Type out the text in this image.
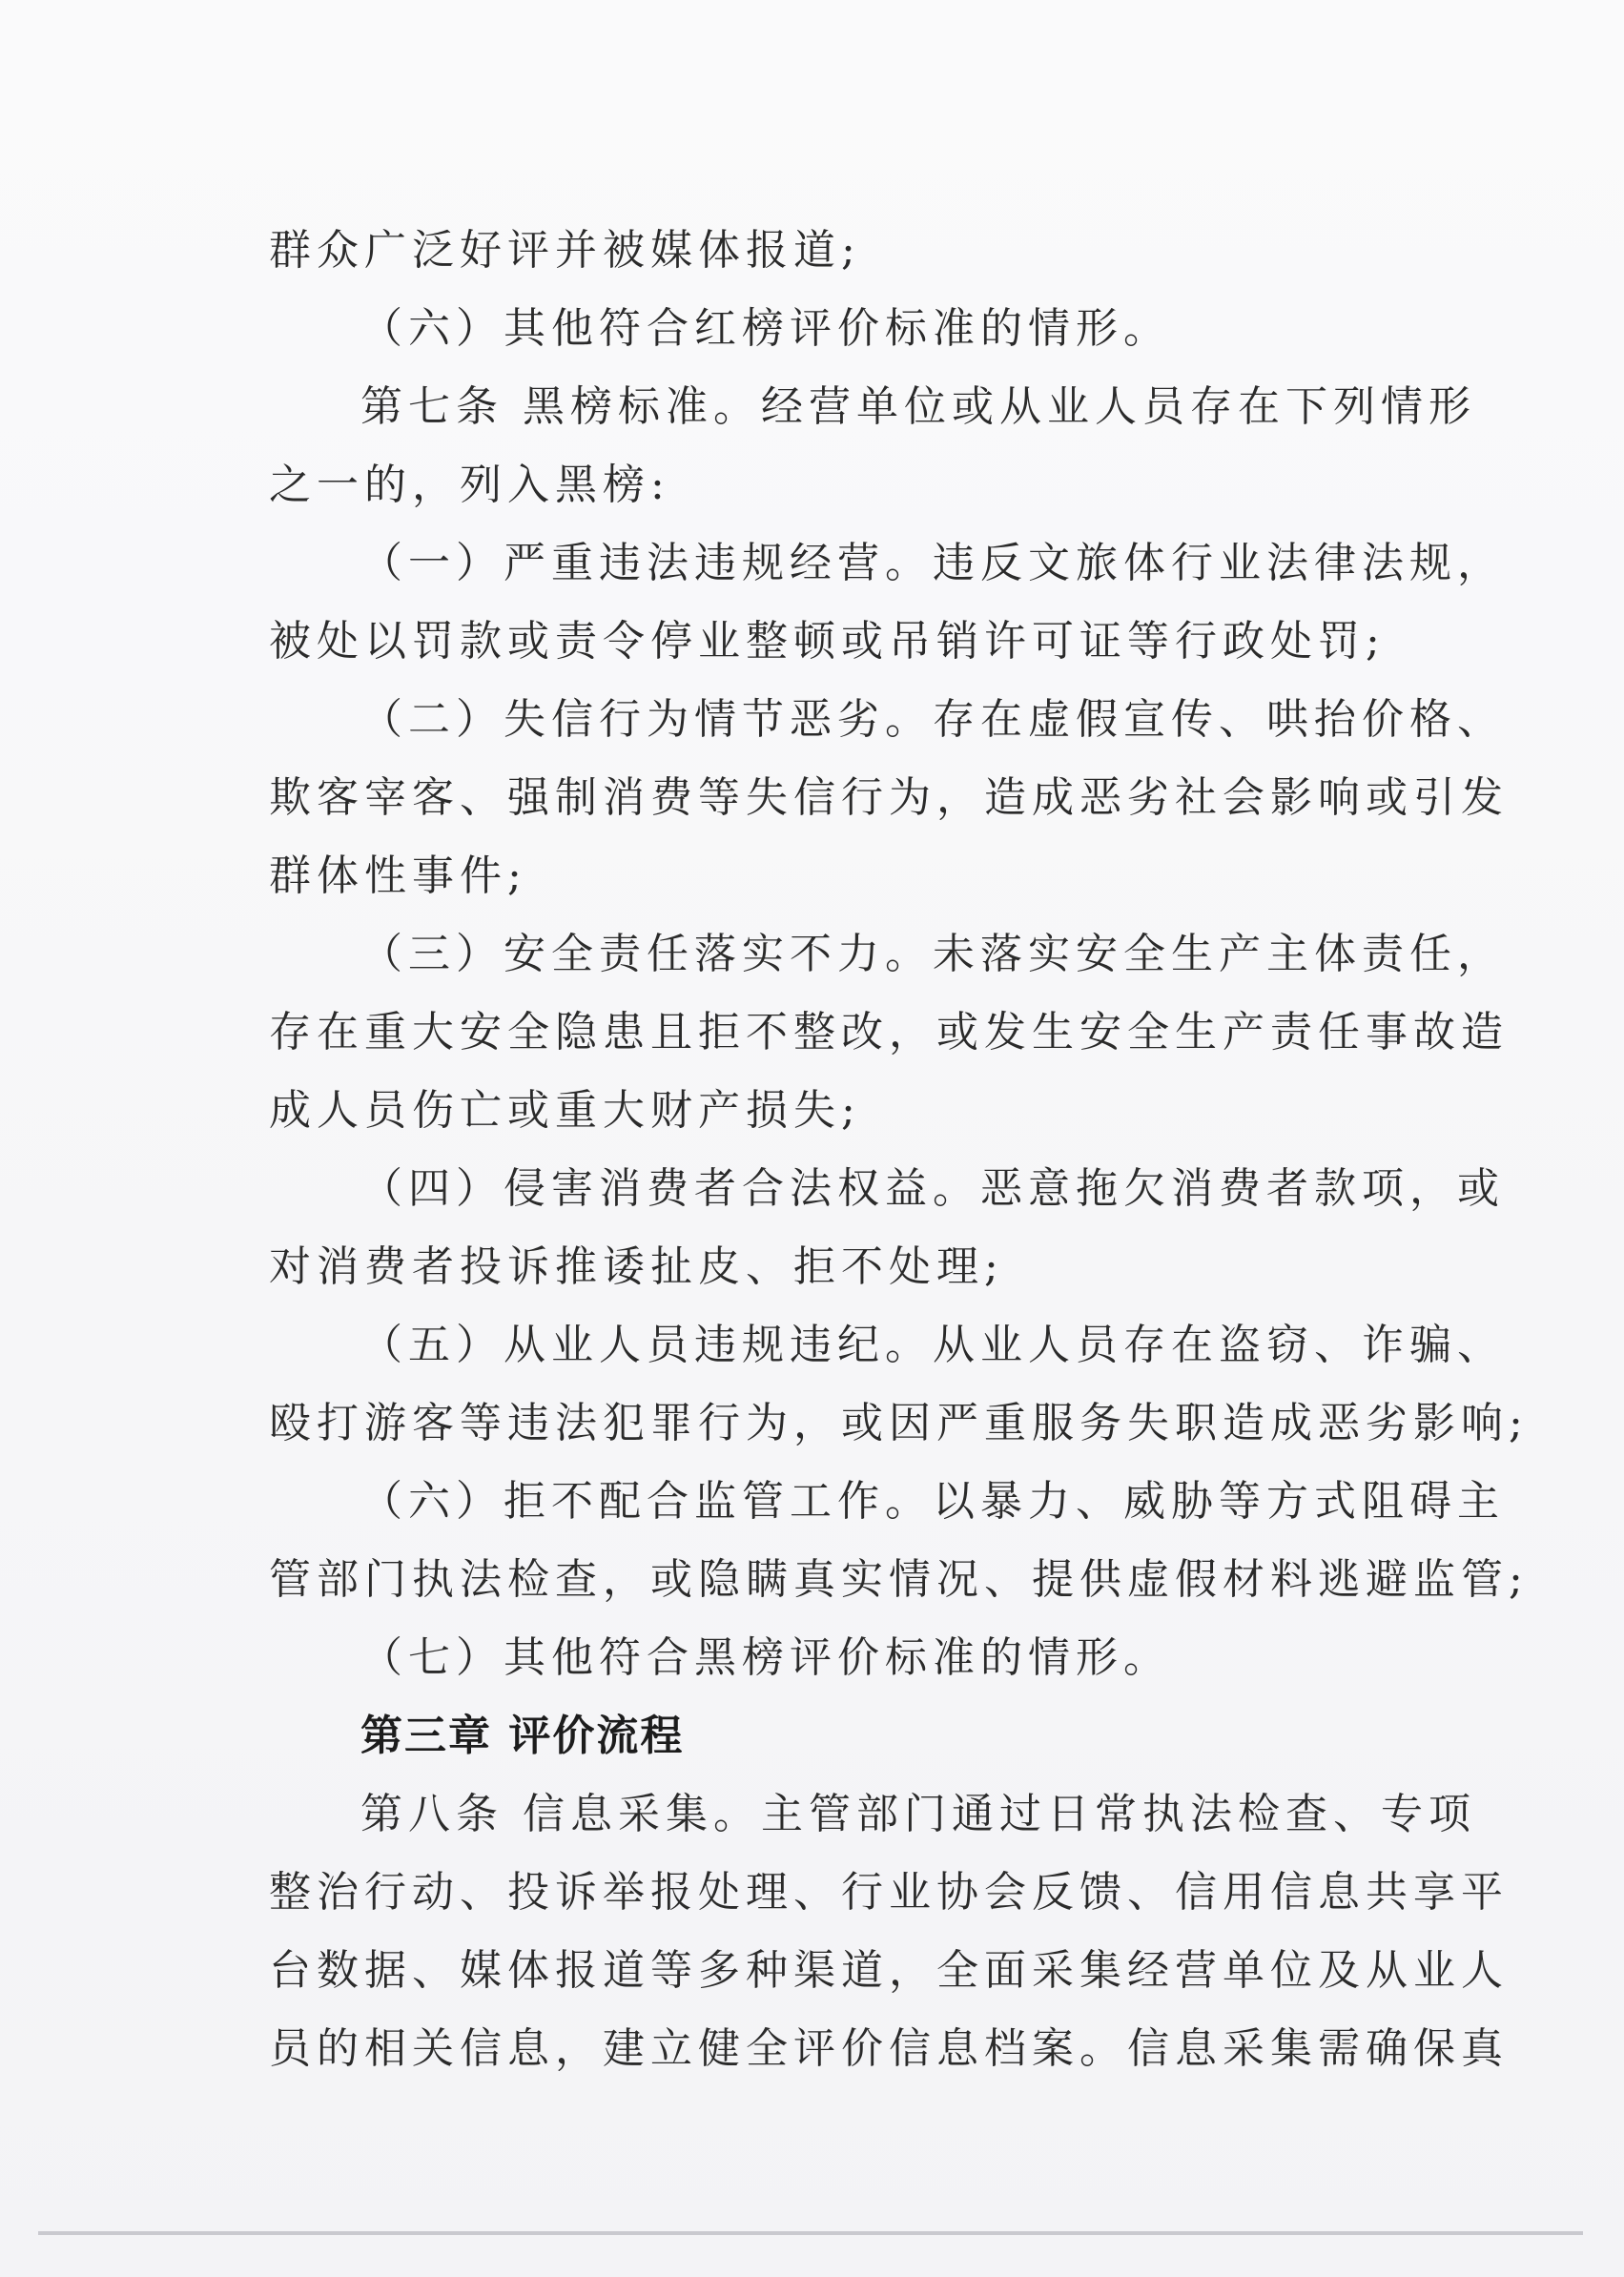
群众广泛好评并被媒体报道;
（六）其他符合红榜评价标准的情形。
第七条 黑榜标准。经营单位或从业人员存在下列情形
之一的，列入黑榜:
（一）严重违法违规经营。违反文旅体行业法律法规，
被处以罚款或责令停业整顿或吊销许可证等行政处罚;
（二）失信行为情节恶劣。存在虚假宣传、哄抬价格、
欺客宰客、强制消费等失信行为，造成恶劣社会影响或引发
群体性事件;
（三）安全责任落实不力。未落实安全生产主体责任，
存在重大安全隐患且拒不整改，或发生安全生产责任事故造
成人员伤亡或重大财产损失;
（四）侵害消费者合法权益。恶意拖欠消费者款项，或
对消费者投诉推诿扯皮、拒不处理;
（五）从业人员违规违纪。从业人员存在盗窃、诈骗、
殴打游客等违法犯罪行为，或因严重服务失职造成恶劣影响;
（六）拒不配合监管工作。以暴力、威胁等方式阻碍主
管部门执法检查，或隐瞒真实情况、提供虚假材料逃避监管;
（七）其他符合黑榜评价标准的情形。
第三章 评价流程
第八条 信息采集。主管部门通过日常执法检查、专项
整治行动、投诉举报处理、行业协会反馈、信用信息共享平
台数据、媒体报道等多种渠道，全面采集经营单位及从业人
员的相关信息，建立健全评价信息档案。信息采集需确保真
